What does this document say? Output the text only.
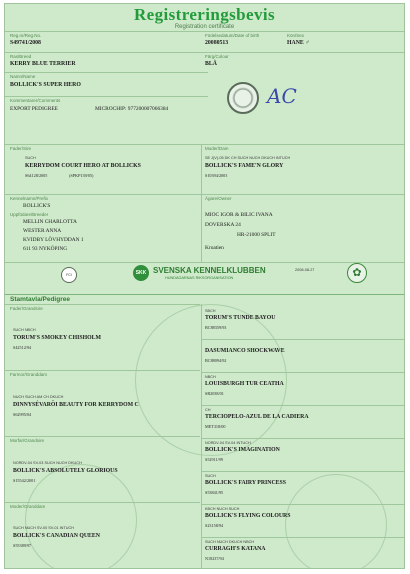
Registreringsbevis
Registration certificate
Reg.nr/Reg.No.
S49741/2008
Födelsedatum/Date of birth
20080513
Kön/Sex
HANE ♂
Ras/Breed
KERRY BLUE TERRIER
Färg/Colour
BLÅ
Namn/Name
BOLLICK'S SUPER HERO
Kommentarer/Comments
EXPORT PEDIGREE	MICROCHIP: 977200007066384
AC
Fader/Sire
SUCH
KERRYDOM COURT HERO AT BOLLICKS
S64128/2005	(SPKP139/05)
Moder/Dam
SE J(V)-05 DK CH SUCH NUCH DKUCH INTUCH
BOLLICK'S FAME'N GLORY
S10394/2003
Kennelnamn/Prefix
BOLLICK'S
Uppfödare/Breeder
MELLIN CHARLOTTA
WESTER ANNA
KVIDBY LÖVHYDDAN 1
611 93 NYKÖPING
Ägare/Owner
MIOC IGOR & BILIC IVANA
DOVERSKA 24
HR-21000 SPLIT
Kroatien
FCI	SKK SVENSKA KENNELKLUBBEN
HUNDÄGARNAS RIKSORGANISATION
2008-08-27	✿
Stamtavla/Pedigree
Fader/Grandsire
SUCH NBCH
TORUM'S SMOKEY CHISHOLM
S42512/94
Farmor/Granddam
NUCH SUCH AM CH DKUCH
DINNYSÉVARÖI BEAUTY FOR KERRYDOM C
S62995/04
Morfar/Grandsire
NORDV-04 SV-03 SUCH NUCH DKUCH
BOLLICK'S ABSOLUTELY GLORIOUS
S15542/2001
Moder/Granddam
SUCH NUCH SV-00 SV-01 INTUCH
BOLLICK'S CANADIAN QUEEN
S55389/97
SBCH
TORUM'S TUNDE BAYOU
BC88359/93
DASUMIANCO SHOCKWAVE
BC88094/92
NBCH
LOUISBURGH TUR CEATHA
SB2038/01
CH
TERCIOPELO-AZUL DE LA CADIERA
MET318/00
NORDV-04 SV-04 INTUCH
BOLLICK'S IMAGINATION
S52911/99
SUCH
BOLLICK'S FAIRY PRINCESS
S53841/95
KBCH NUCH SUCH
BOLLICK'S FLYING COLOURS
S23158/94
SUCH NUCH DKUCH NBCH
CURRAGH'S KATANA
N18237/94
